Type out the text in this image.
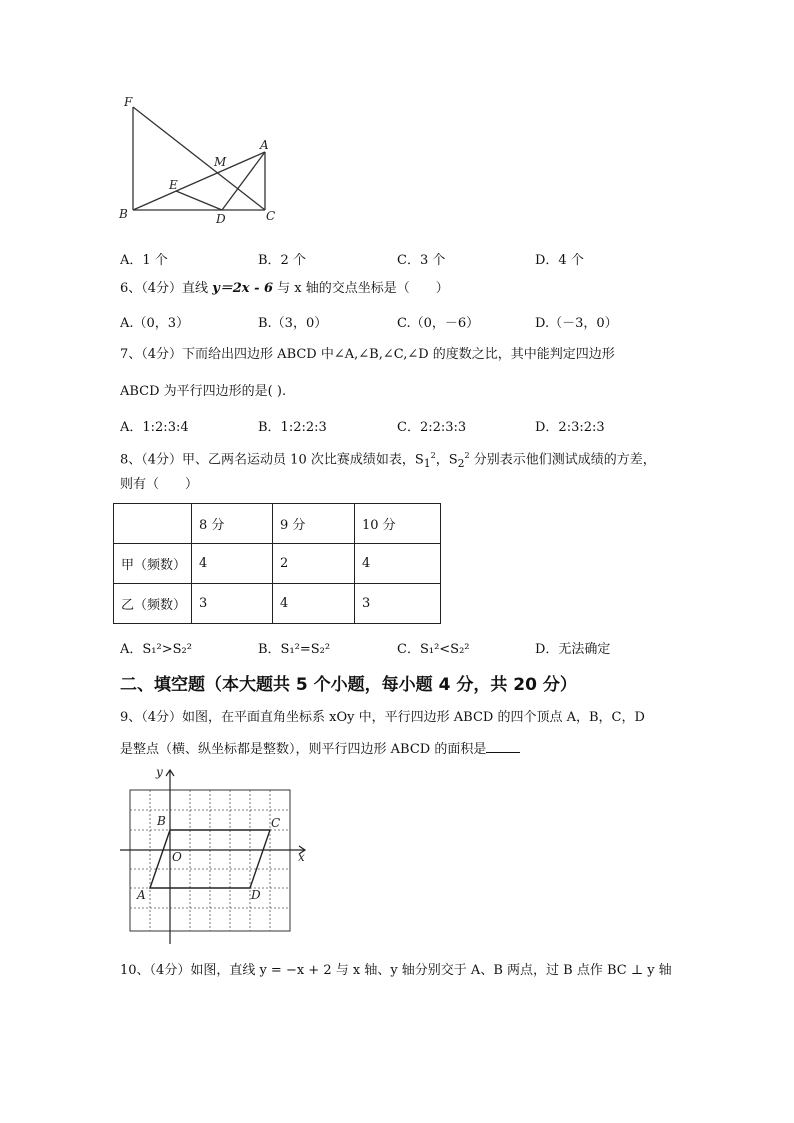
F
A
M
E
B	D	C
A．1 个	B．2 个	C．3 个	D．4 个
6、（4分）直线 y＝2x - 6 与 x 轴的交点坐标是（　　）
A.（0，3）	B.（3，0）	C.（0，－6）	D.（－3，0）
7、（4分）下而给出四边形 ABCD 中∠A,∠B,∠C,∠D 的度数之比，其中能判定四边形
ABCD 为平行四边形的是( ).
A．1:2:3:4	B．1:2:2:3	C．2:2:3:3	D．2:3:2:3
8、（4分）甲、乙两名运动员 10 次比赛成绩如表，$S_1^2$，$S_2^2$ 分别表示他们测试成绩的方差，
则有（　　）
	8 分	9 分	10 分
甲（频数）	4	2	4
乙（频数）	3	4	3
A．S₁²>S₂²	B．S₁²=S₂²	C．S₁²<S₂²	D．无法确定
二、填空题（本大题共 5 个小题，每小题 4 分，共 20 分）
9、（4分）如图，在平面直角坐标系 xOy 中，平行四边形 ABCD 的四个顶点 A，B，C，D
是整点（横、纵坐标都是整数），则平行四边形 ABCD 的面积是
y
x
B	C
O
A	D
10、（4分）如图，直线 y = −x + 2 与 x 轴、y 轴分别交于 A、B 两点，过 B 点作 BC ⊥ y 轴
